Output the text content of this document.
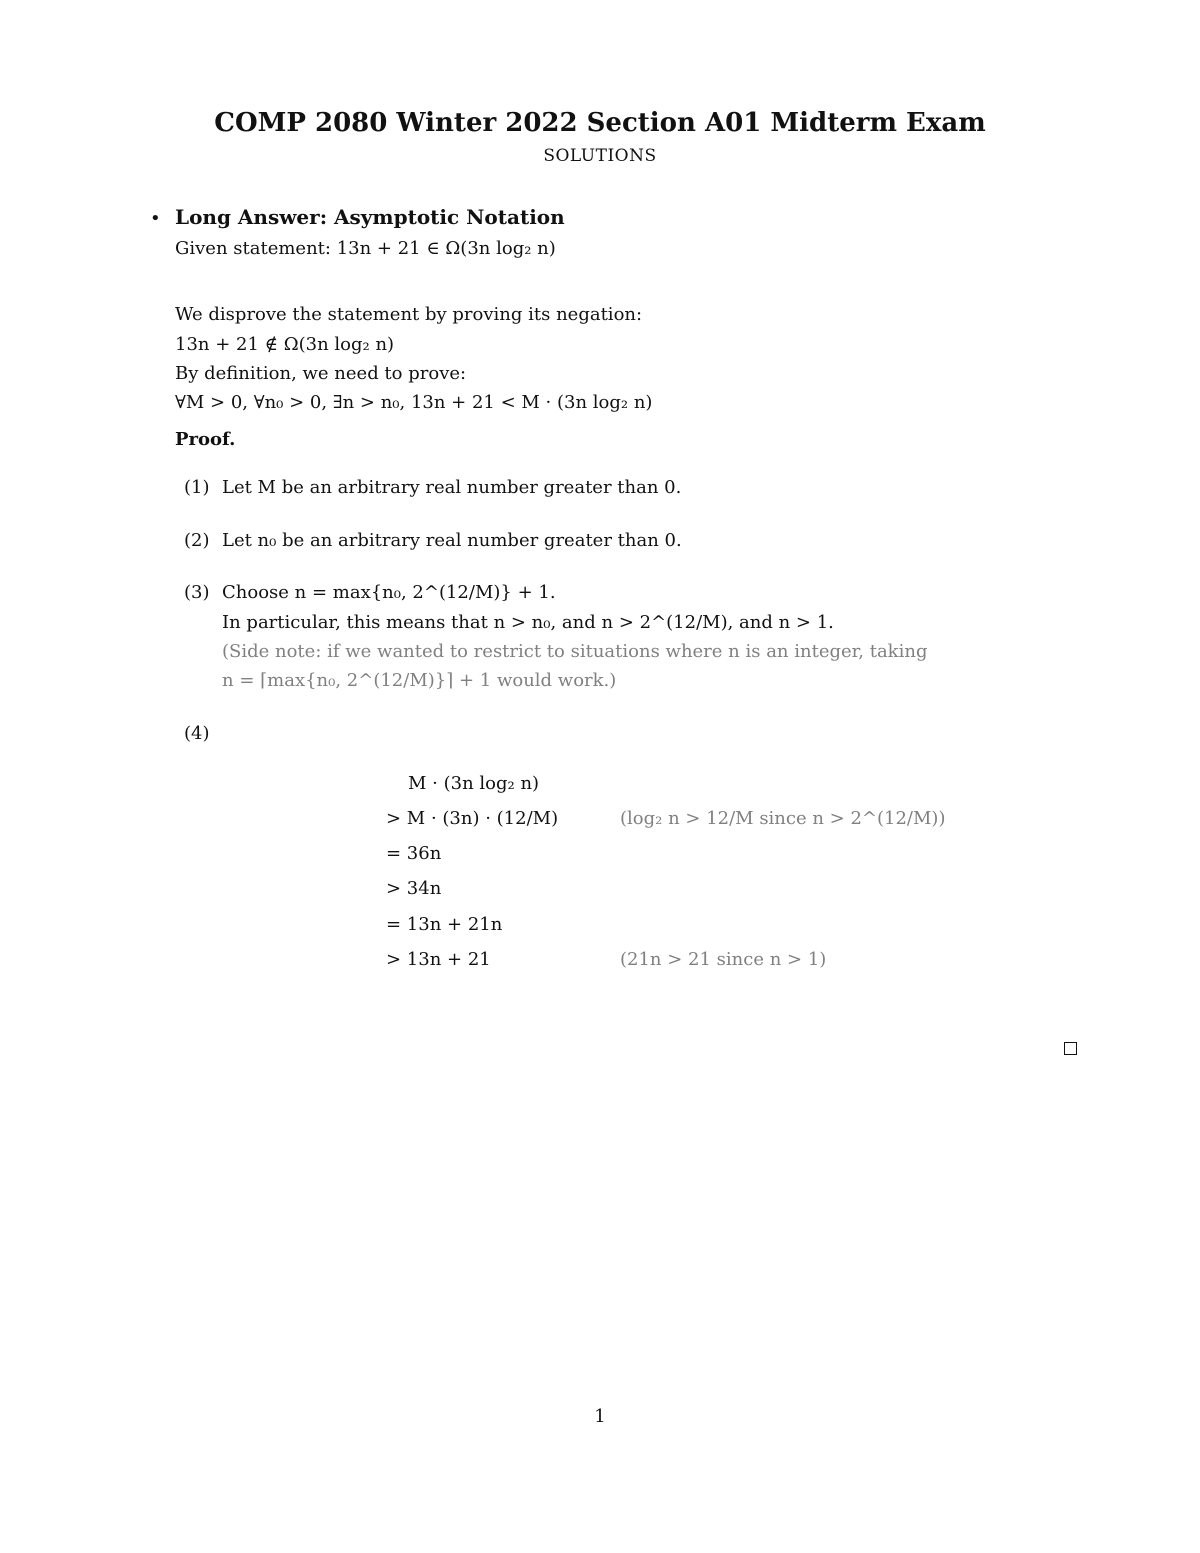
COMP 2080 Winter 2022 Section A01 Midterm Exam
SOLUTIONS
• Long Answer: Asymptotic Notation
Given statement: 13n + 21 ∈ Ω(3n log₂ n)
We disprove the statement by proving its negation:
13n + 21 ∉ Ω(3n log₂ n)
By definition, we need to prove:
∀M > 0, ∀n₀ > 0, ∃n > n₀, 13n + 21 < M · (3n log₂ n)
Proof.
(1) Let M be an arbitrary real number greater than 0.
(2) Let n₀ be an arbitrary real number greater than 0.
(3) Choose n = max{n₀, 2^(12/M)} + 1.
In particular, this means that n > n₀, and n > 2^(12/M), and n > 1.
(Side note: if we wanted to restrict to situations where n is an integer, taking
n = ⌈max{n₀, 2^(12/M)}⌉ + 1 would work.)
(4)
M · (3n log₂ n)
> M · (3n) · (12/M)	(log₂ n > 12/M since n > 2^(12/M))
= 36n
> 34n
= 13n + 21n
> 13n + 21	(21n > 21 since n > 1)
1
